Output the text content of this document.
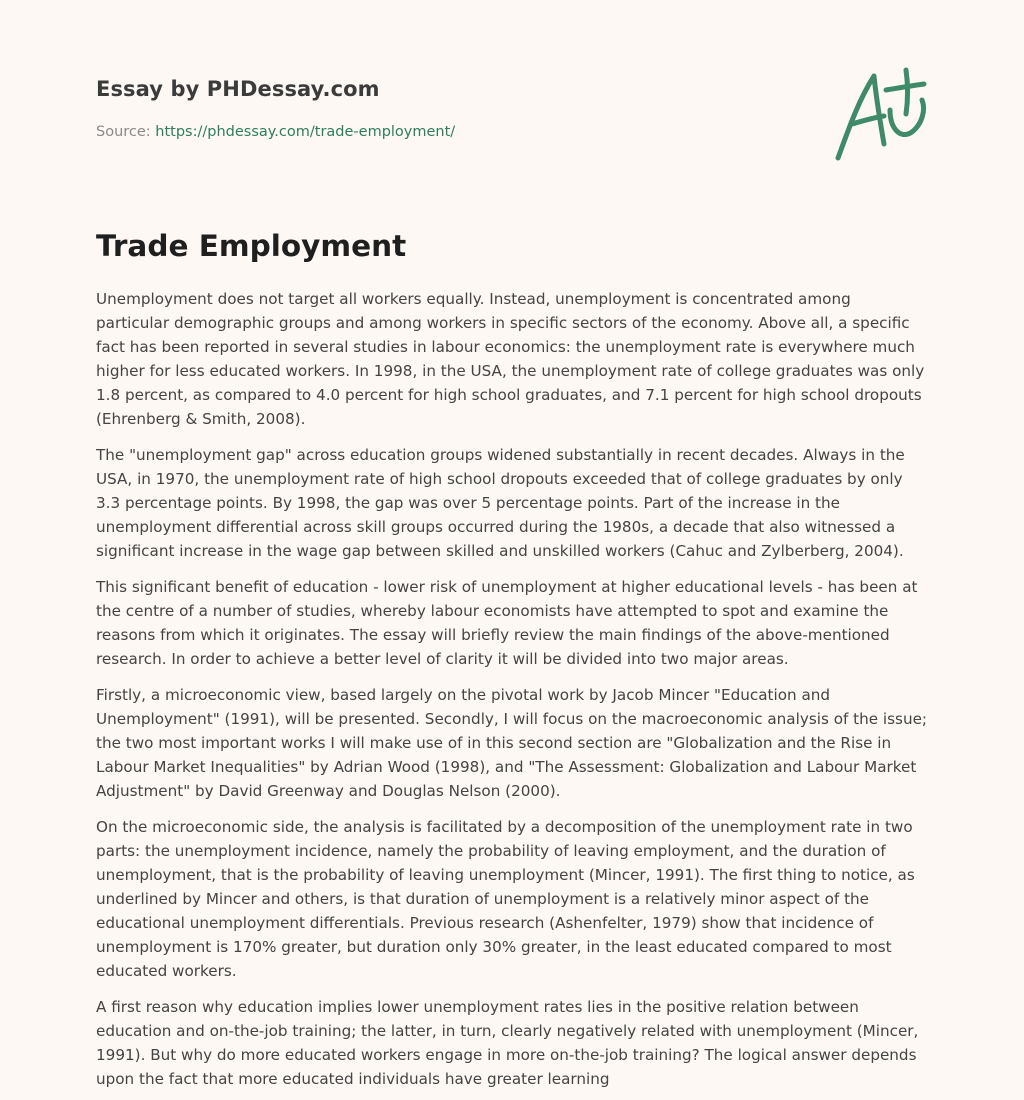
Essay by PHDessay.com
Source: https://phdessay.com/trade-employment/
Trade Employment

Unemployment does not target all workers equally. Instead, unemployment is concentrated among particular demographic groups and among workers in specific sectors of the economy. Above all, a specific fact has been reported in several studies in labour economics: the unemployment rate is everywhere much higher for less educated workers. In 1998, in the USA, the unemployment rate of college graduates was only 1.8 percent, as compared to 4.0 percent for high school graduates, and 7.1 percent for high school dropouts (Ehrenberg & Smith, 2008).

The "unemployment gap" across education groups widened substantially in recent decades. Always in the USA, in 1970, the unemployment rate of high school dropouts exceeded that of college graduates by only 3.3 percentage points. By 1998, the gap was over 5 percentage points. Part of the increase in the unemployment differential across skill groups occurred during the 1980s, a decade that also witnessed a significant increase in the wage gap between skilled and unskilled workers (Cahuc and Zylberberg, 2004).

This significant benefit of education - lower risk of unemployment at higher educational levels - has been at the centre of a number of studies, whereby labour economists have attempted to spot and examine the reasons from which it originates. The essay will briefly review the main findings of the above-mentioned research. In order to achieve a better level of clarity it will be divided into two major areas.

Firstly, a microeconomic view, based largely on the pivotal work by Jacob Mincer "Education and Unemployment" (1991), will be presented. Secondly, I will focus on the macroeconomic analysis of the issue; the two most important works I will make use of in this second section are "Globalization and the Rise in Labour Market Inequalities" by Adrian Wood (1998), and "The Assessment: Globalization and Labour Market Adjustment" by David Greenway and Douglas Nelson (2000).

On the microeconomic side, the analysis is facilitated by a decomposition of the unemployment rate in two parts: the unemployment incidence, namely the probability of leaving employment, and the duration of unemployment, that is the probability of leaving unemployment (Mincer, 1991). The first thing to notice, as underlined by Mincer and others, is that duration of unemployment is a relatively minor aspect of the educational unemployment differentials. Previous research (Ashenfelter, 1979) show that incidence of unemployment is 170% greater, but duration only 30% greater, in the least educated compared to most educated workers.

A first reason why education implies lower unemployment rates lies in the positive relation between education and on-the-job training; the latter, in turn, clearly negatively related with unemployment (Mincer, 1991). But why do more educated workers engage in more on-the-job training? The logical answer depends upon the fact that more educated individuals have greater learning
